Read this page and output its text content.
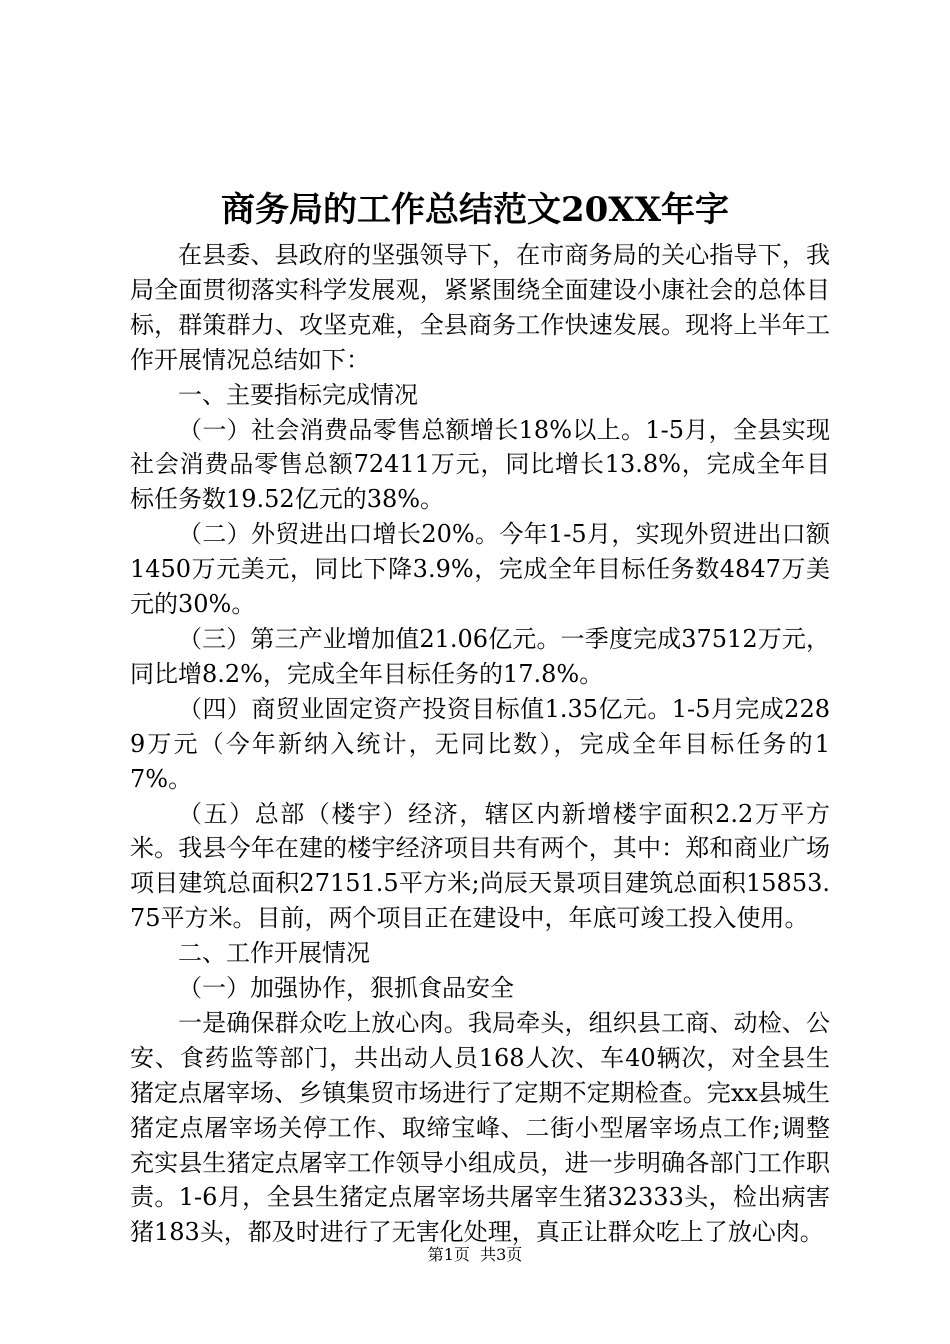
商务局的工作总结范文20XX年字

在县委、县政府的坚强领导下，在市商务局的关心指导下，我局全面贯彻落实科学发展观，紧紧围绕全面建设小康社会的总体目标，群策群力、攻坚克难，全县商务工作快速发展。现将上半年工作开展情况总结如下：

一、主要指标完成情况

（一）社会消费品零售总额增长18%以上。1-5月，全县实现社会消费品零售总额72411万元，同比增长13.8%，完成全年目标任务数19.52亿元的38%。

（二）外贸进出口增长20%。今年1-5月，实现外贸进出口额1450万元美元，同比下降3.9%，完成全年目标任务数4847万美元的30%。

（三）第三产业增加值21.06亿元。一季度完成37512万元，同比增8.2%，完成全年目标任务的17.8%。

（四）商贸业固定资产投资目标值1.35亿元。1-5月完成2289万元（今年新纳入统计，无同比数），完成全年目标任务的17%。

（五）总部（楼宇）经济，辖区内新增楼宇面积2.2万平方米。我县今年在建的楼宇经济项目共有两个，其中：郑和商业广场项目建筑总面积27151.5平方米;尚辰天景项目建筑总面积15853.75平方米。目前，两个项目正在建设中，年底可竣工投入使用。

二、工作开展情况

（一）加强协作，狠抓食品安全

一是确保群众吃上放心肉。我局牵头，组织县工商、动检、公安、食药监等部门，共出动人员168人次、车40辆次，对全县生猪定点屠宰场、乡镇集贸市场进行了定期不定期检查。完xx县城生猪定点屠宰场关停工作、取缔宝峰、二街小型屠宰场点工作;调整充实县生猪定点屠宰工作领导小组成员，进一步明确各部门工作职责。1-6月，全县生猪定点屠宰场共屠宰生猪32333头，检出病害猪183头，都及时进行了无害化处理，真正让群众吃上了放心肉。

第1页 共3页
